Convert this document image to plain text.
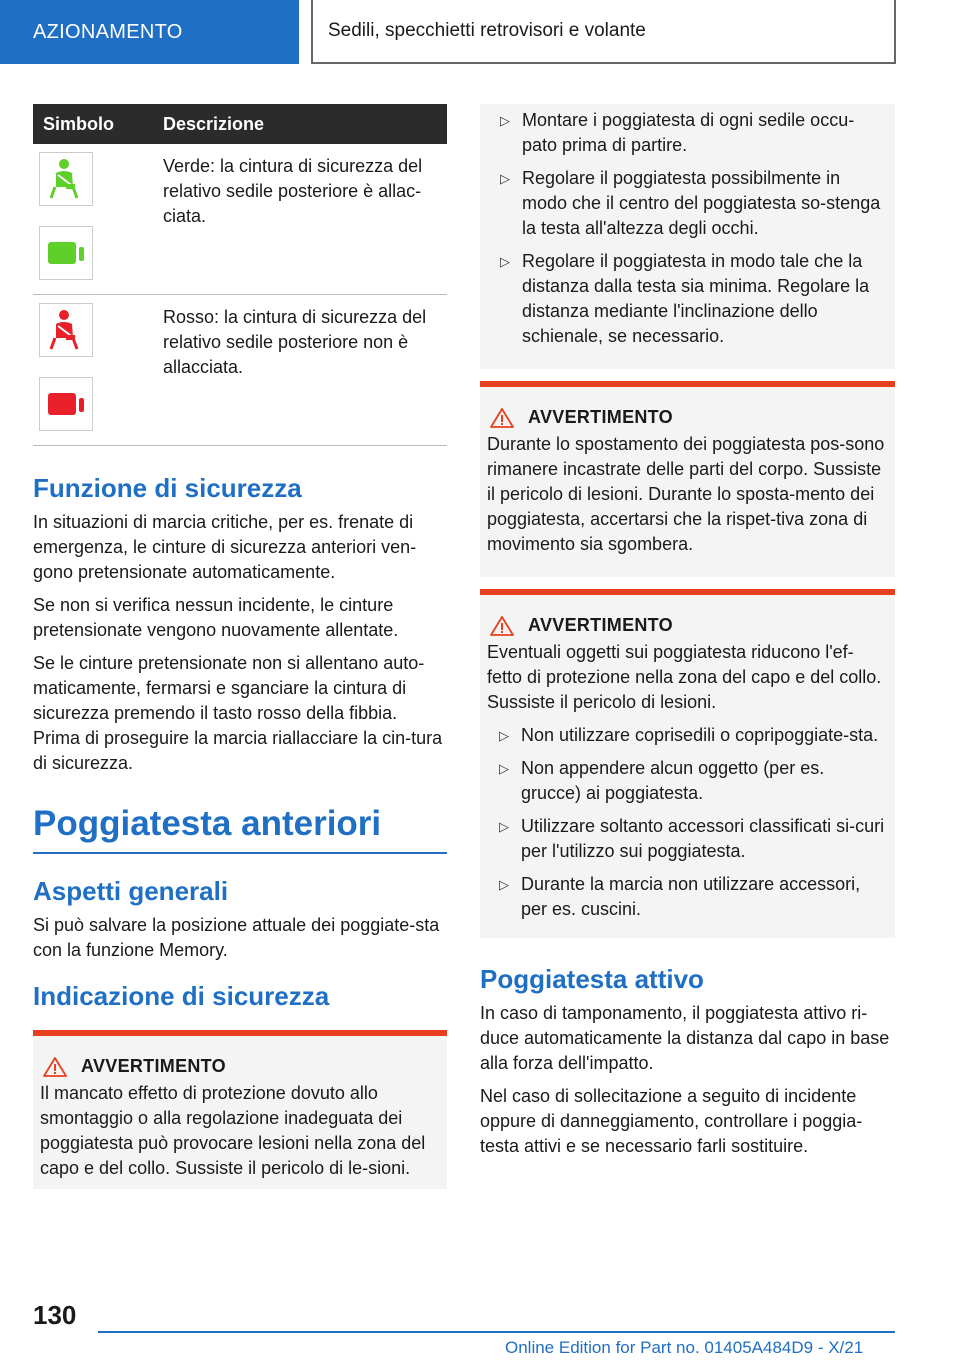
AZIONAMENTO	Sedili, specchietti retrovisori e volante
Simbolo	Descrizione
Verde: la cintura di sicurezza del relativo sedile posteriore è allac-ciata.
Rosso: la cintura di sicurezza del relativo sedile posteriore non è allacciata.
Funzione di sicurezza

In situazioni di marcia critiche, per es. frenate di emergenza, le cinture di sicurezza anteriori ven-gono pretensionate automaticamente.

Se non si verifica nessun incidente, le cinture pretensionate vengono nuovamente allentate.

Se le cinture pretensionate non si allentano auto-maticamente, fermarsi e sganciare la cintura di sicurezza premendo il tasto rosso della fibbia. Prima di proseguire la marcia riallacciare la cin-tura di sicurezza.

Poggiatesta anteriori
Aspetti generali

Si può salvare la posizione attuale dei poggiate-sta con la funzione Memory.

Indicazione di sicurezza
AVVERTIMENTO

Il mancato effetto di protezione dovuto allo smontaggio o alla regolazione inadeguata dei poggiatesta può provocare lesioni nella zona del capo e del collo. Sussiste il pericolo di le-sioni.

▷ Montare i poggiatesta di ogni sedile occu-pato prima di partire.
▷ Regolare il poggiatesta possibilmente in modo che il centro del poggiatesta so-stenga la testa all'altezza degli occhi.
▷ Regolare il poggiatesta in modo tale che la distanza dalla testa sia minima. Regolare la distanza mediante l'inclinazione dello schienale, se necessario.
AVVERTIMENTO

Durante lo spostamento dei poggiatesta pos-sono rimanere incastrate delle parti del corpo. Sussiste il pericolo di lesioni. Durante lo sposta-mento dei poggiatesta, accertarsi che la rispet-tiva zona di movimento sia sgombera.

AVVERTIMENTO

Eventuali oggetti sui poggiatesta riducono l'ef-fetto di protezione nella zona del capo e del collo. Sussiste il pericolo di lesioni.

▷ Non utilizzare coprisedili o copripoggiate-sta.
▷ Non appendere alcun oggetto (per es. grucce) ai poggiatesta.
▷ Utilizzare soltanto accessori classificati si-curi per l'utilizzo sui poggiatesta.
▷ Durante la marcia non utilizzare accessori, per es. cuscini.
Poggiatesta attivo

In caso di tamponamento, il poggiatesta attivo ri-duce automaticamente la distanza dal capo in base alla forza dell'impatto.

Nel caso di sollecitazione a seguito di incidente oppure di danneggiamento, controllare i poggia-testa attivi e se necessario farli sostituire.

130
Online Edition for Part no. 01405A484D9 - X/21
